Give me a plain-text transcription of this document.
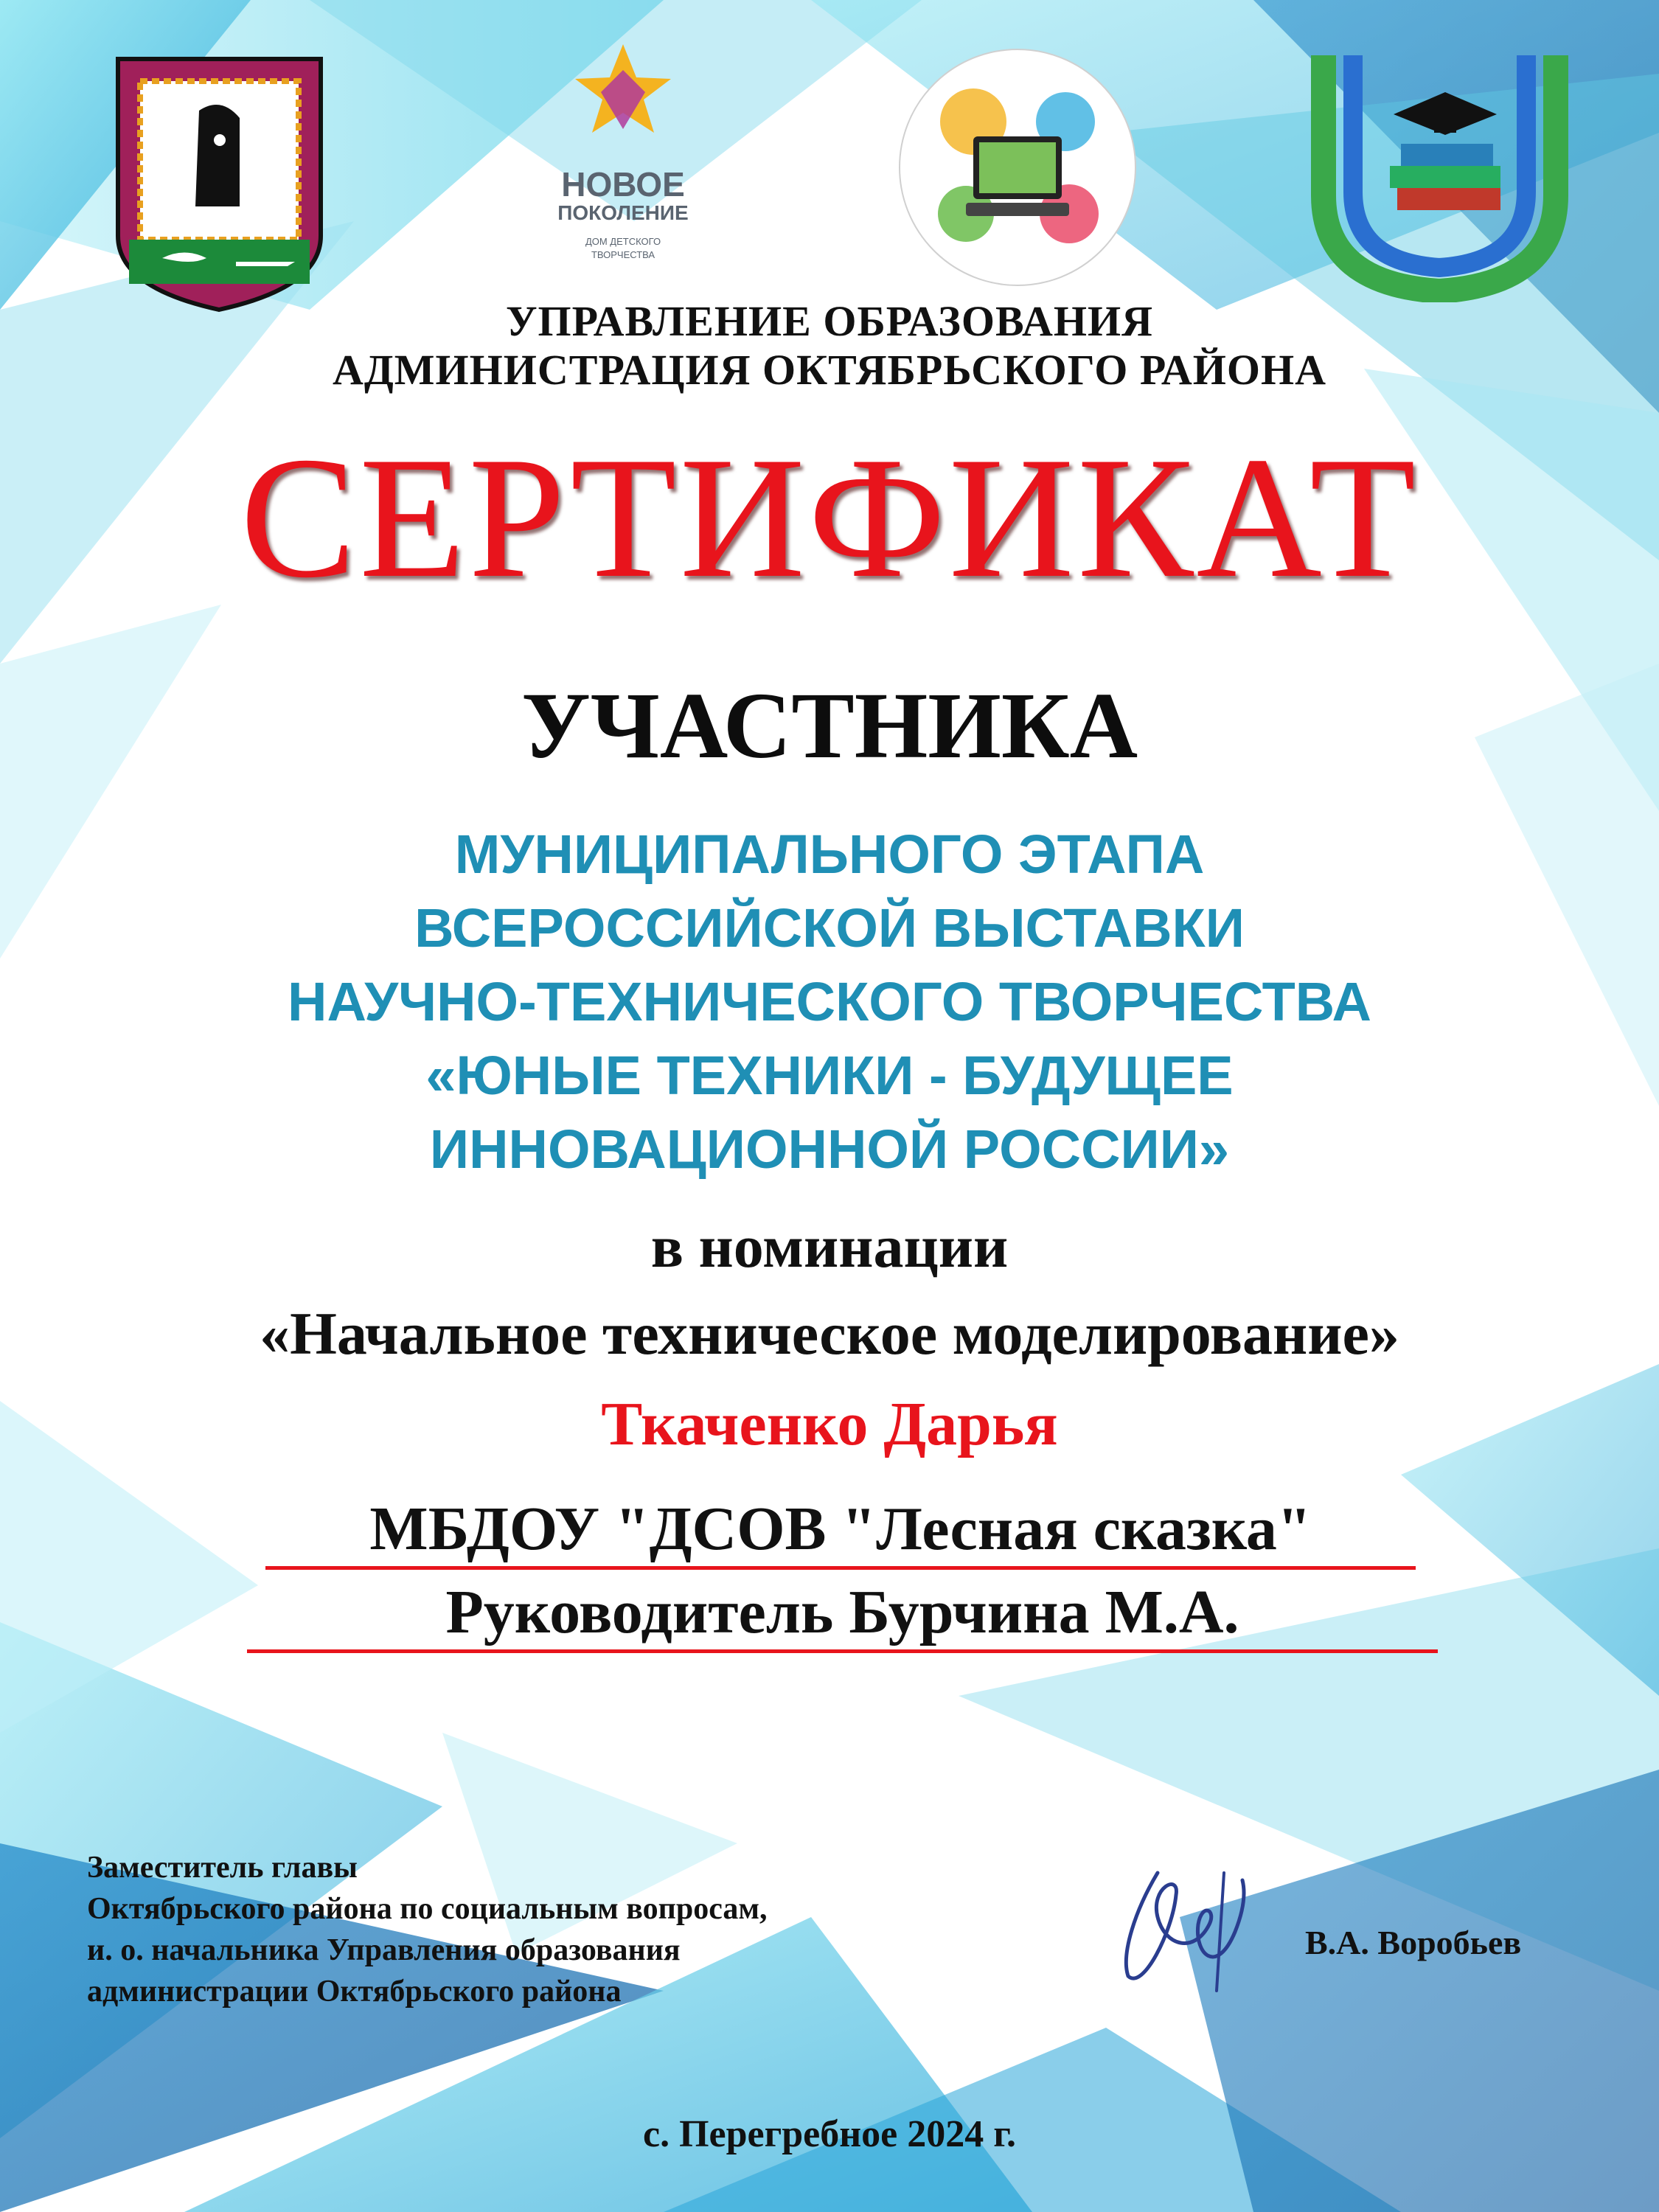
НОВОЕ
ПОКОЛЕНИЕ
ДОМ ДЕТСКОГО
ТВОРЧЕСТВА
УПРАВЛЕНИЕ ОБРАЗОВАНИЯ
АДМИНИСТРАЦИЯ ОКТЯБРЬСКОГО РАЙОНА
СЕРТИФИКАТ
УЧАСТНИКА
МУНИЦИПАЛЬНОГО ЭТАПА
ВСЕРОССИЙСКОЙ ВЫСТАВКИ
НАУЧНО-ТЕХНИЧЕСКОГО ТВОРЧЕСТВА
«ЮНЫЕ ТЕХНИКИ - БУДУЩЕЕ
ИННОВАЦИОННОЙ РОССИИ»
в номинации
«Начальное техническое моделирование»
Ткаченко Дарья
МБДОУ "ДСОВ "Лесная сказка"
Руководитель Бурчина М.А.
Заместитель главы
Октябрьского района по социальным вопросам,
и. о. начальника Управления образования
администрации Октябрьского района
В.А. Воробьев
с. Перегребное 2024 г.
